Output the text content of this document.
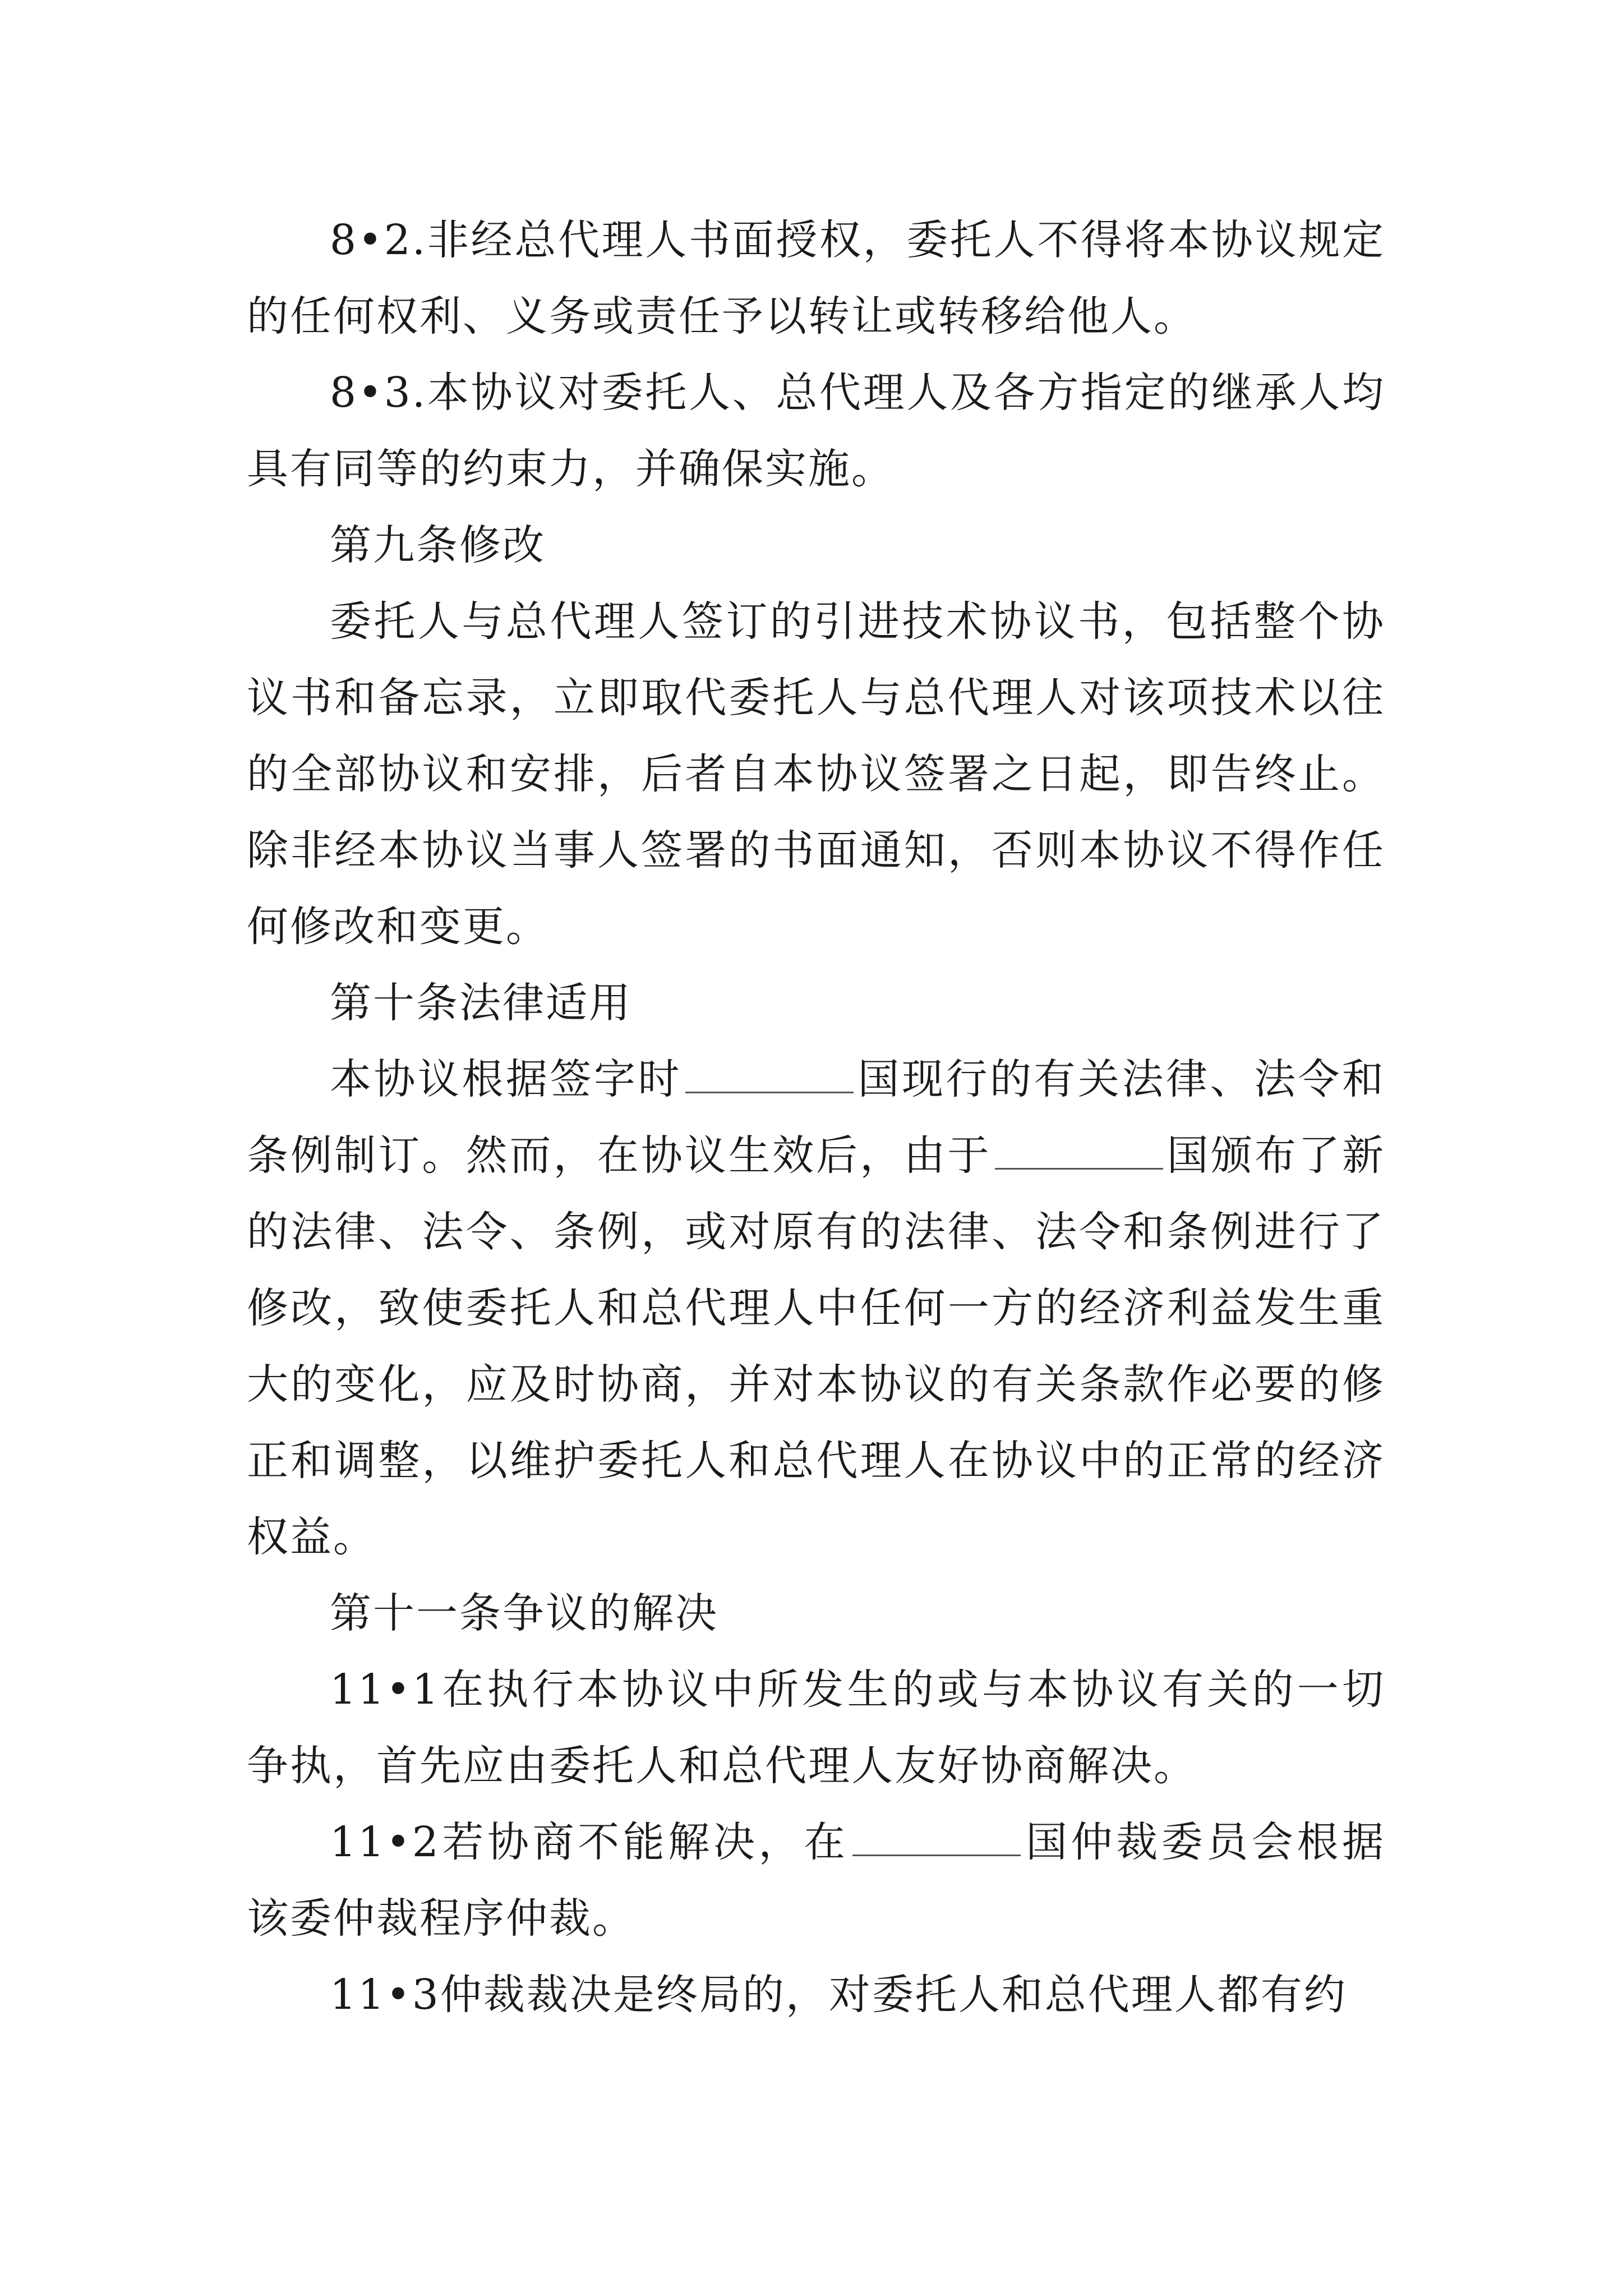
8•2.非经总代理人书面授权，委托人不得将本协议规定的任何权利、义务或责任予以转让或转移给他人。

8•3.本协议对委托人、总代理人及各方指定的继承人均具有同等的约束力，并确保实施。

第九条修改

委托人与总代理人签订的引进技术协议书，包括整个协议书和备忘录，立即取代委托人与总代理人对该项技术以往的全部协议和安排，后者自本协议签署之日起，即告终止。除非经本协议当事人签署的书面通知，否则本协议不得作任何修改和变更。

第十条法律适用

本协议根据签字时	国现行的有关法律、法令和条例制订。然而，在协议生效后，由于	国颁布了新的法律、法令、条例，或对原有的法律、法令和条例进行了修改，致使委托人和总代理人中任何一方的经济利益发生重大的变化，应及时协商，并对本协议的有关条款作必要的修正和调整，以维护委托人和总代理人在协议中的正常的经济权益。

第十一条争议的解决

11•1在执行本协议中所发生的或与本协议有关的一切争执，首先应由委托人和总代理人友好协商解决。

11•2若协商不能解决，在	国仲裁委员会根据该委仲裁程序仲裁。

11•3仲裁裁决是终局的，对委托人和总代理人都有约
